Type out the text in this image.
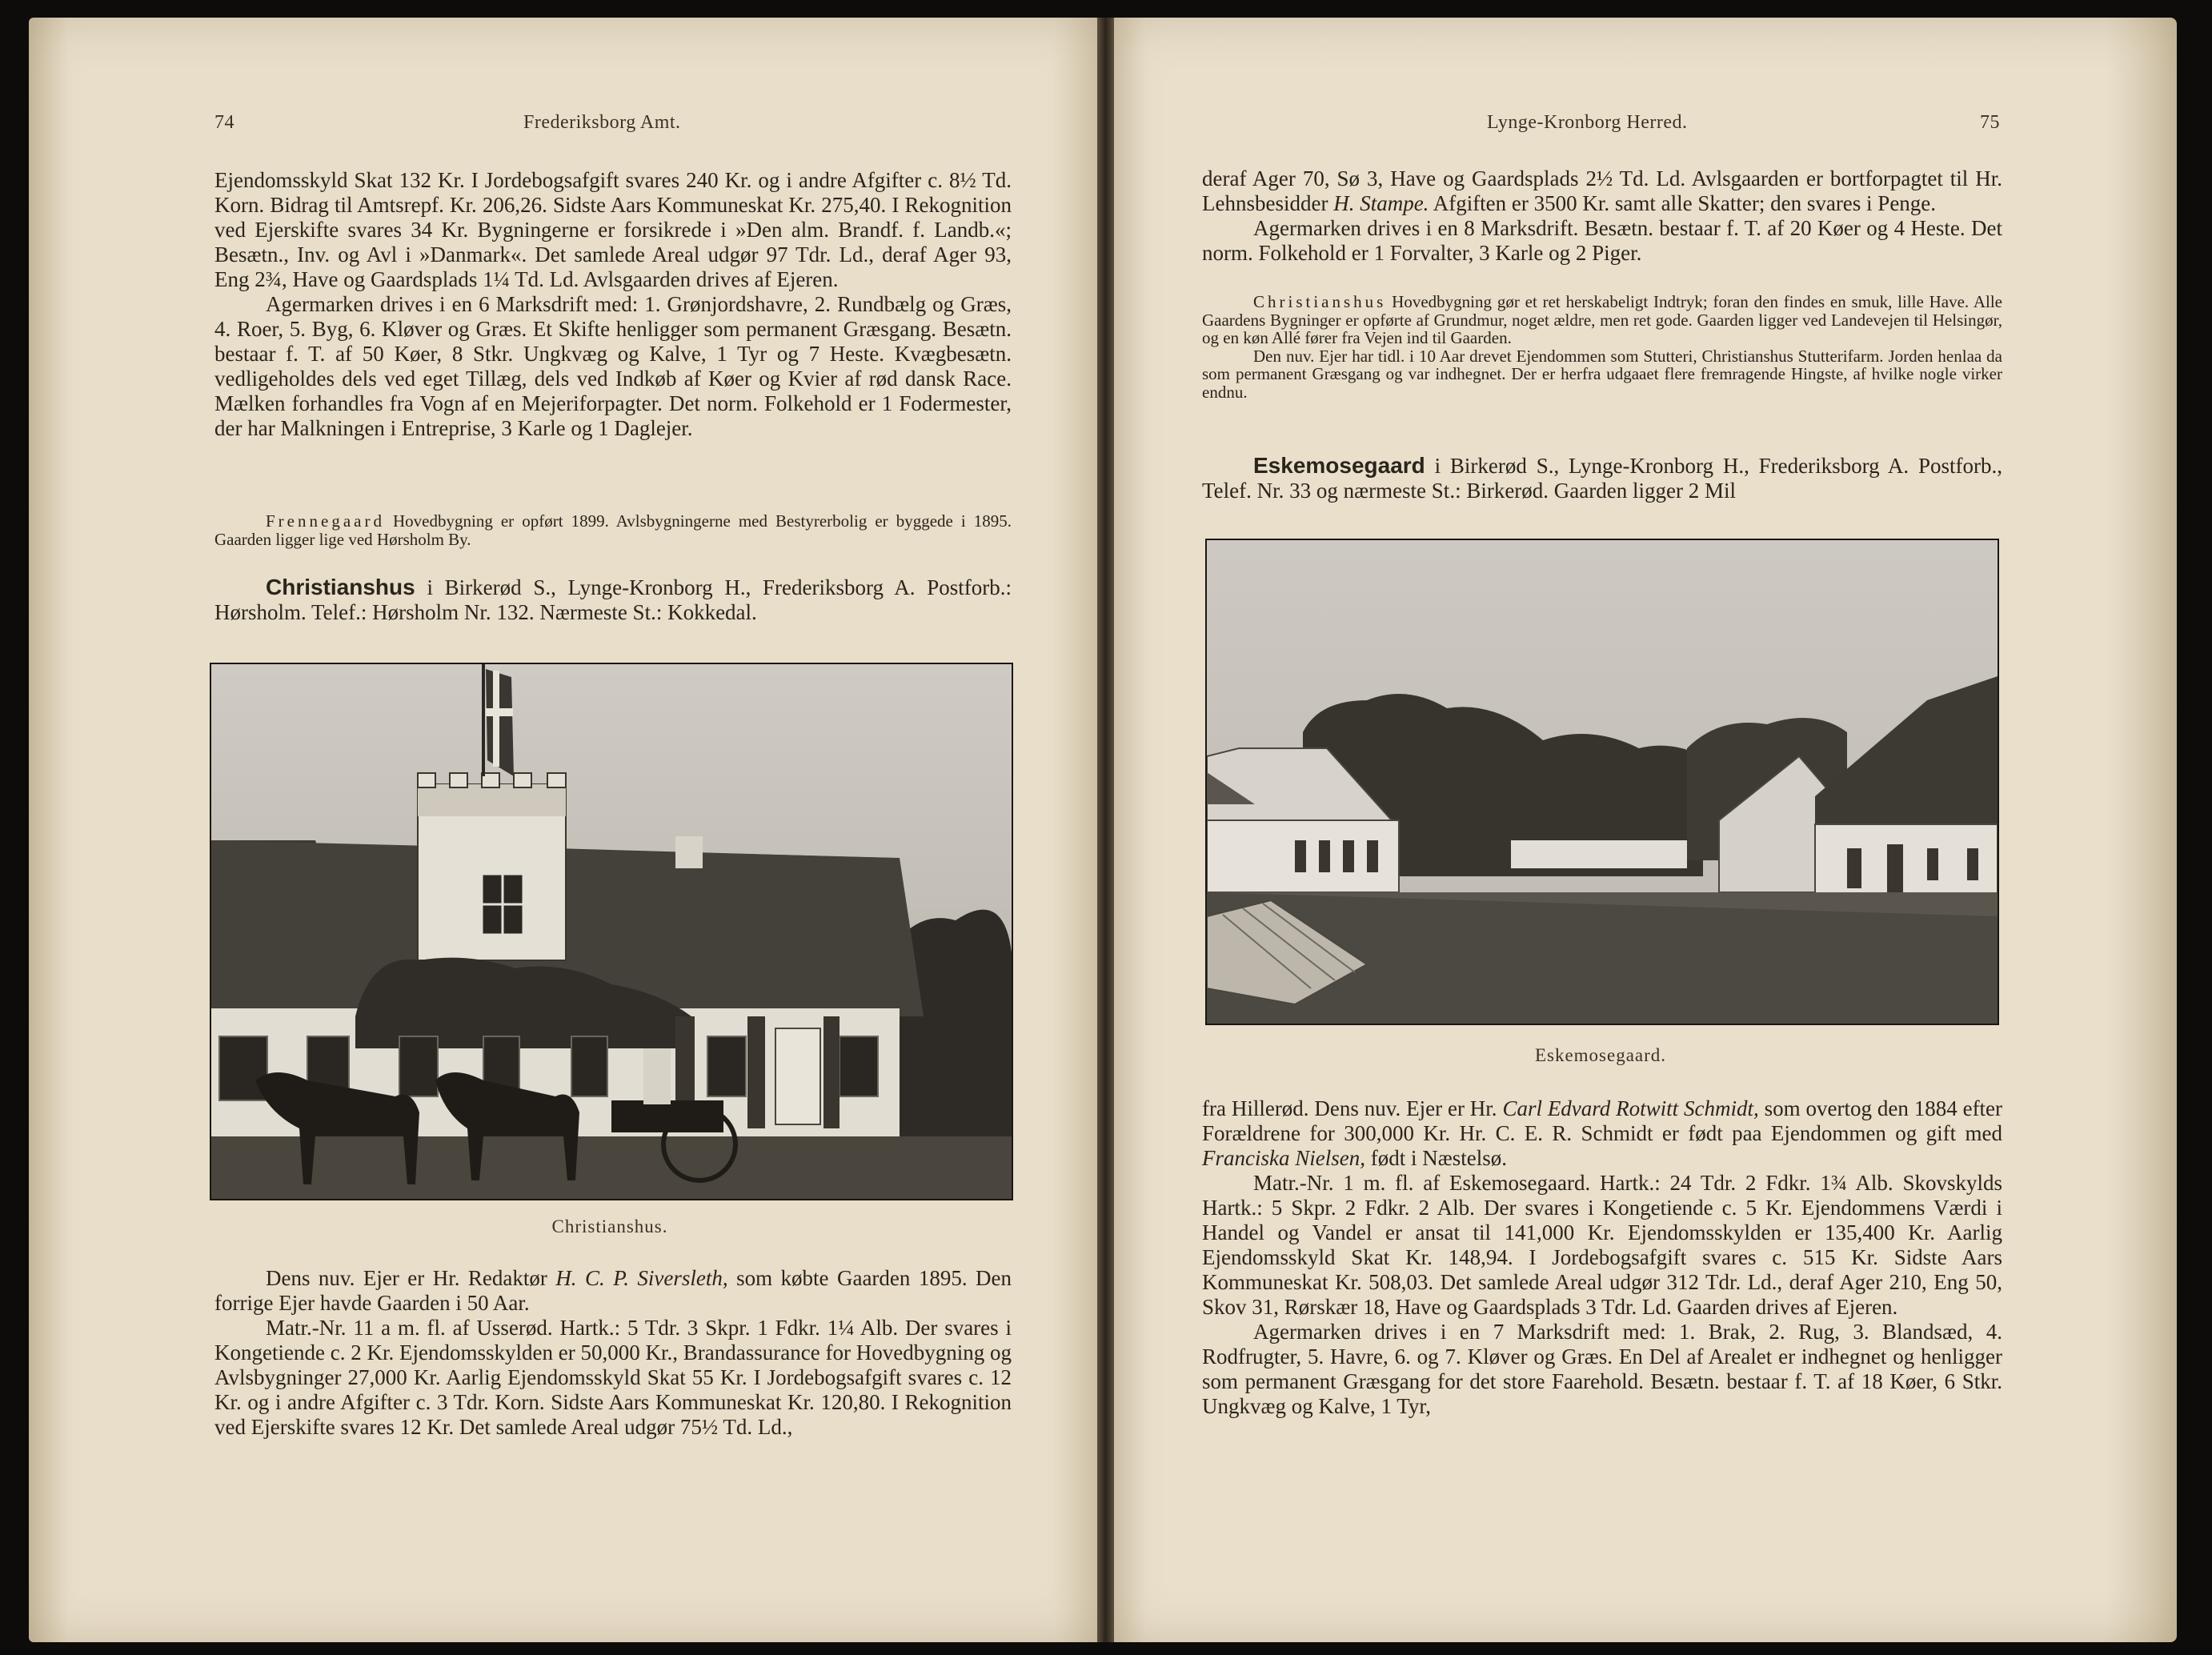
74	Frederiksborg Amt.

Ejendomsskyld Skat 132 Kr. I Jordebogsafgift svares 240 Kr. og i andre Afgifter c. 8½ Td. Korn. Bidrag til Amtsrepf. Kr. 206,26. Sidste Aars Kommuneskat Kr. 275,40. I Rekognition ved Ejerskifte svares 34 Kr. Bygningerne er forsikrede i »Den alm. Brandf. f. Landb.«; Besætn., Inv. og Avl i »Danmark«. Det samlede Areal udgør 97 Tdr. Ld., deraf Ager 93, Eng 2¾, Have og Gaardsplads 1¼ Td. Ld. Avlsgaarden drives af Ejeren.

Agermarken drives i en 6 Marksdrift med: 1. Grønjordshavre, 2. Rundbælg og Græs, 4. Roer, 5. Byg, 6. Kløver og Græs. Et Skifte henligger som permanent Græsgang. Besætn. bestaar f. T. af 50 Køer, 8 Stkr. Ungkvæg og Kalve, 1 Tyr og 7 Heste. Kvægbesætn. vedligeholdes dels ved eget Tillæg, dels ved Indkøb af Køer og Kvier af rød dansk Race. Mælken forhandles fra Vogn af en Mejeriforpagter. Det norm. Folkehold er 1 Fodermester, der har Malkningen i Entreprise, 3 Karle og 1 Daglejer.

Frennegaard Hovedbygning er opført 1899. Avlsbygningerne med Bestyrerbolig er byggede i 1895. Gaarden ligger lige ved Hørsholm By.

Christianshus i Birkerød S., Lynge-Kronborg H., Frederiksborg A. Postforb.: Hørsholm. Telef.: Hørsholm Nr. 132. Nærmeste St.: Kokkedal.

Christianshus.

Dens nuv. Ejer er Hr. Redaktør H. C. P. Siversleth, som købte Gaarden 1895. Den forrige Ejer havde Gaarden i 50 Aar.

Matr.-Nr. 11 a m. fl. af Usserød. Hartk.: 5 Tdr. 3 Skpr. 1 Fdkr. 1¼ Alb. Der svares i Kongetiende c. 2 Kr. Ejendomsskylden er 50,000 Kr., Brandassurance for Hovedbygning og Avlsbygninger 27,000 Kr. Aarlig Ejendomsskyld Skat 55 Kr. I Jordebogsafgift svares c. 12 Kr. og i andre Afgifter c. 3 Tdr. Korn. Sidste Aars Kommuneskat Kr. 120,80. I Rekognition ved Ejerskifte svares 12 Kr. Det samlede Areal udgør 75½ Td. Ld.,

Lynge-Kronborg Herred.	75

deraf Ager 70, Sø 3, Have og Gaardsplads 2½ Td. Ld. Avlsgaarden er bortforpagtet til Hr. Lehnsbesidder H. Stampe. Afgiften er 3500 Kr. samt alle Skatter; den svares i Penge.

Agermarken drives i en 8 Marksdrift. Besætn. bestaar f. T. af 20 Køer og 4 Heste. Det norm. Folkehold er 1 Forvalter, 3 Karle og 2 Piger.

Christianshus Hovedbygning gør et ret herskabeligt Indtryk; foran den findes en smuk, lille Have. Alle Gaardens Bygninger er opførte af Grundmur, noget ældre, men ret gode. Gaarden ligger ved Landevejen til Helsingør, og en køn Allé fører fra Vejen ind til Gaarden.

Den nuv. Ejer har tidl. i 10 Aar drevet Ejendommen som Stutteri, Christianshus Stutterifarm. Jorden henlaa da som permanent Græsgang og var indhegnet. Der er herfra udgaaet flere fremragende Hingste, af hvilke nogle virker endnu.

Eskemosegaard i Birkerød S., Lynge-Kronborg H., Frederiksborg A. Postforb., Telef. Nr. 33 og nærmeste St.: Birkerød. Gaarden ligger 2 Mil

Eskemosegaard.

fra Hillerød. Dens nuv. Ejer er Hr. Carl Edvard Rotwitt Schmidt, som overtog den 1884 efter Forældrene for 300,000 Kr. Hr. C. E. R. Schmidt er født paa Ejendommen og gift med Franciska Nielsen, født i Næstelsø.

Matr.-Nr. 1 m. fl. af Eskemosegaard. Hartk.: 24 Tdr. 2 Fdkr. 1¾ Alb. Skovskylds Hartk.: 5 Skpr. 2 Fdkr. 2 Alb. Der svares i Kongetiende c. 5 Kr. Ejendommens Værdi i Handel og Vandel er ansat til 141,000 Kr. Ejendomsskylden er 135,400 Kr. Aarlig Ejendomsskyld Skat Kr. 148,94. I Jordebogsafgift svares c. 515 Kr. Sidste Aars Kommuneskat Kr. 508,03. Det samlede Areal udgør 312 Tdr. Ld., deraf Ager 210, Eng 50, Skov 31, Rørskær 18, Have og Gaardsplads 3 Tdr. Ld. Gaarden drives af Ejeren.

Agermarken drives i en 7 Marksdrift med: 1. Brak, 2. Rug, 3. Blandsæd, 4. Rodfrugter, 5. Havre, 6. og 7. Kløver og Græs. En Del af Arealet er indhegnet og henligger som permanent Græsgang for det store Faarehold. Besætn. bestaar f. T. af 18 Køer, 6 Stkr. Ungkvæg og Kalve, 1 Tyr,
